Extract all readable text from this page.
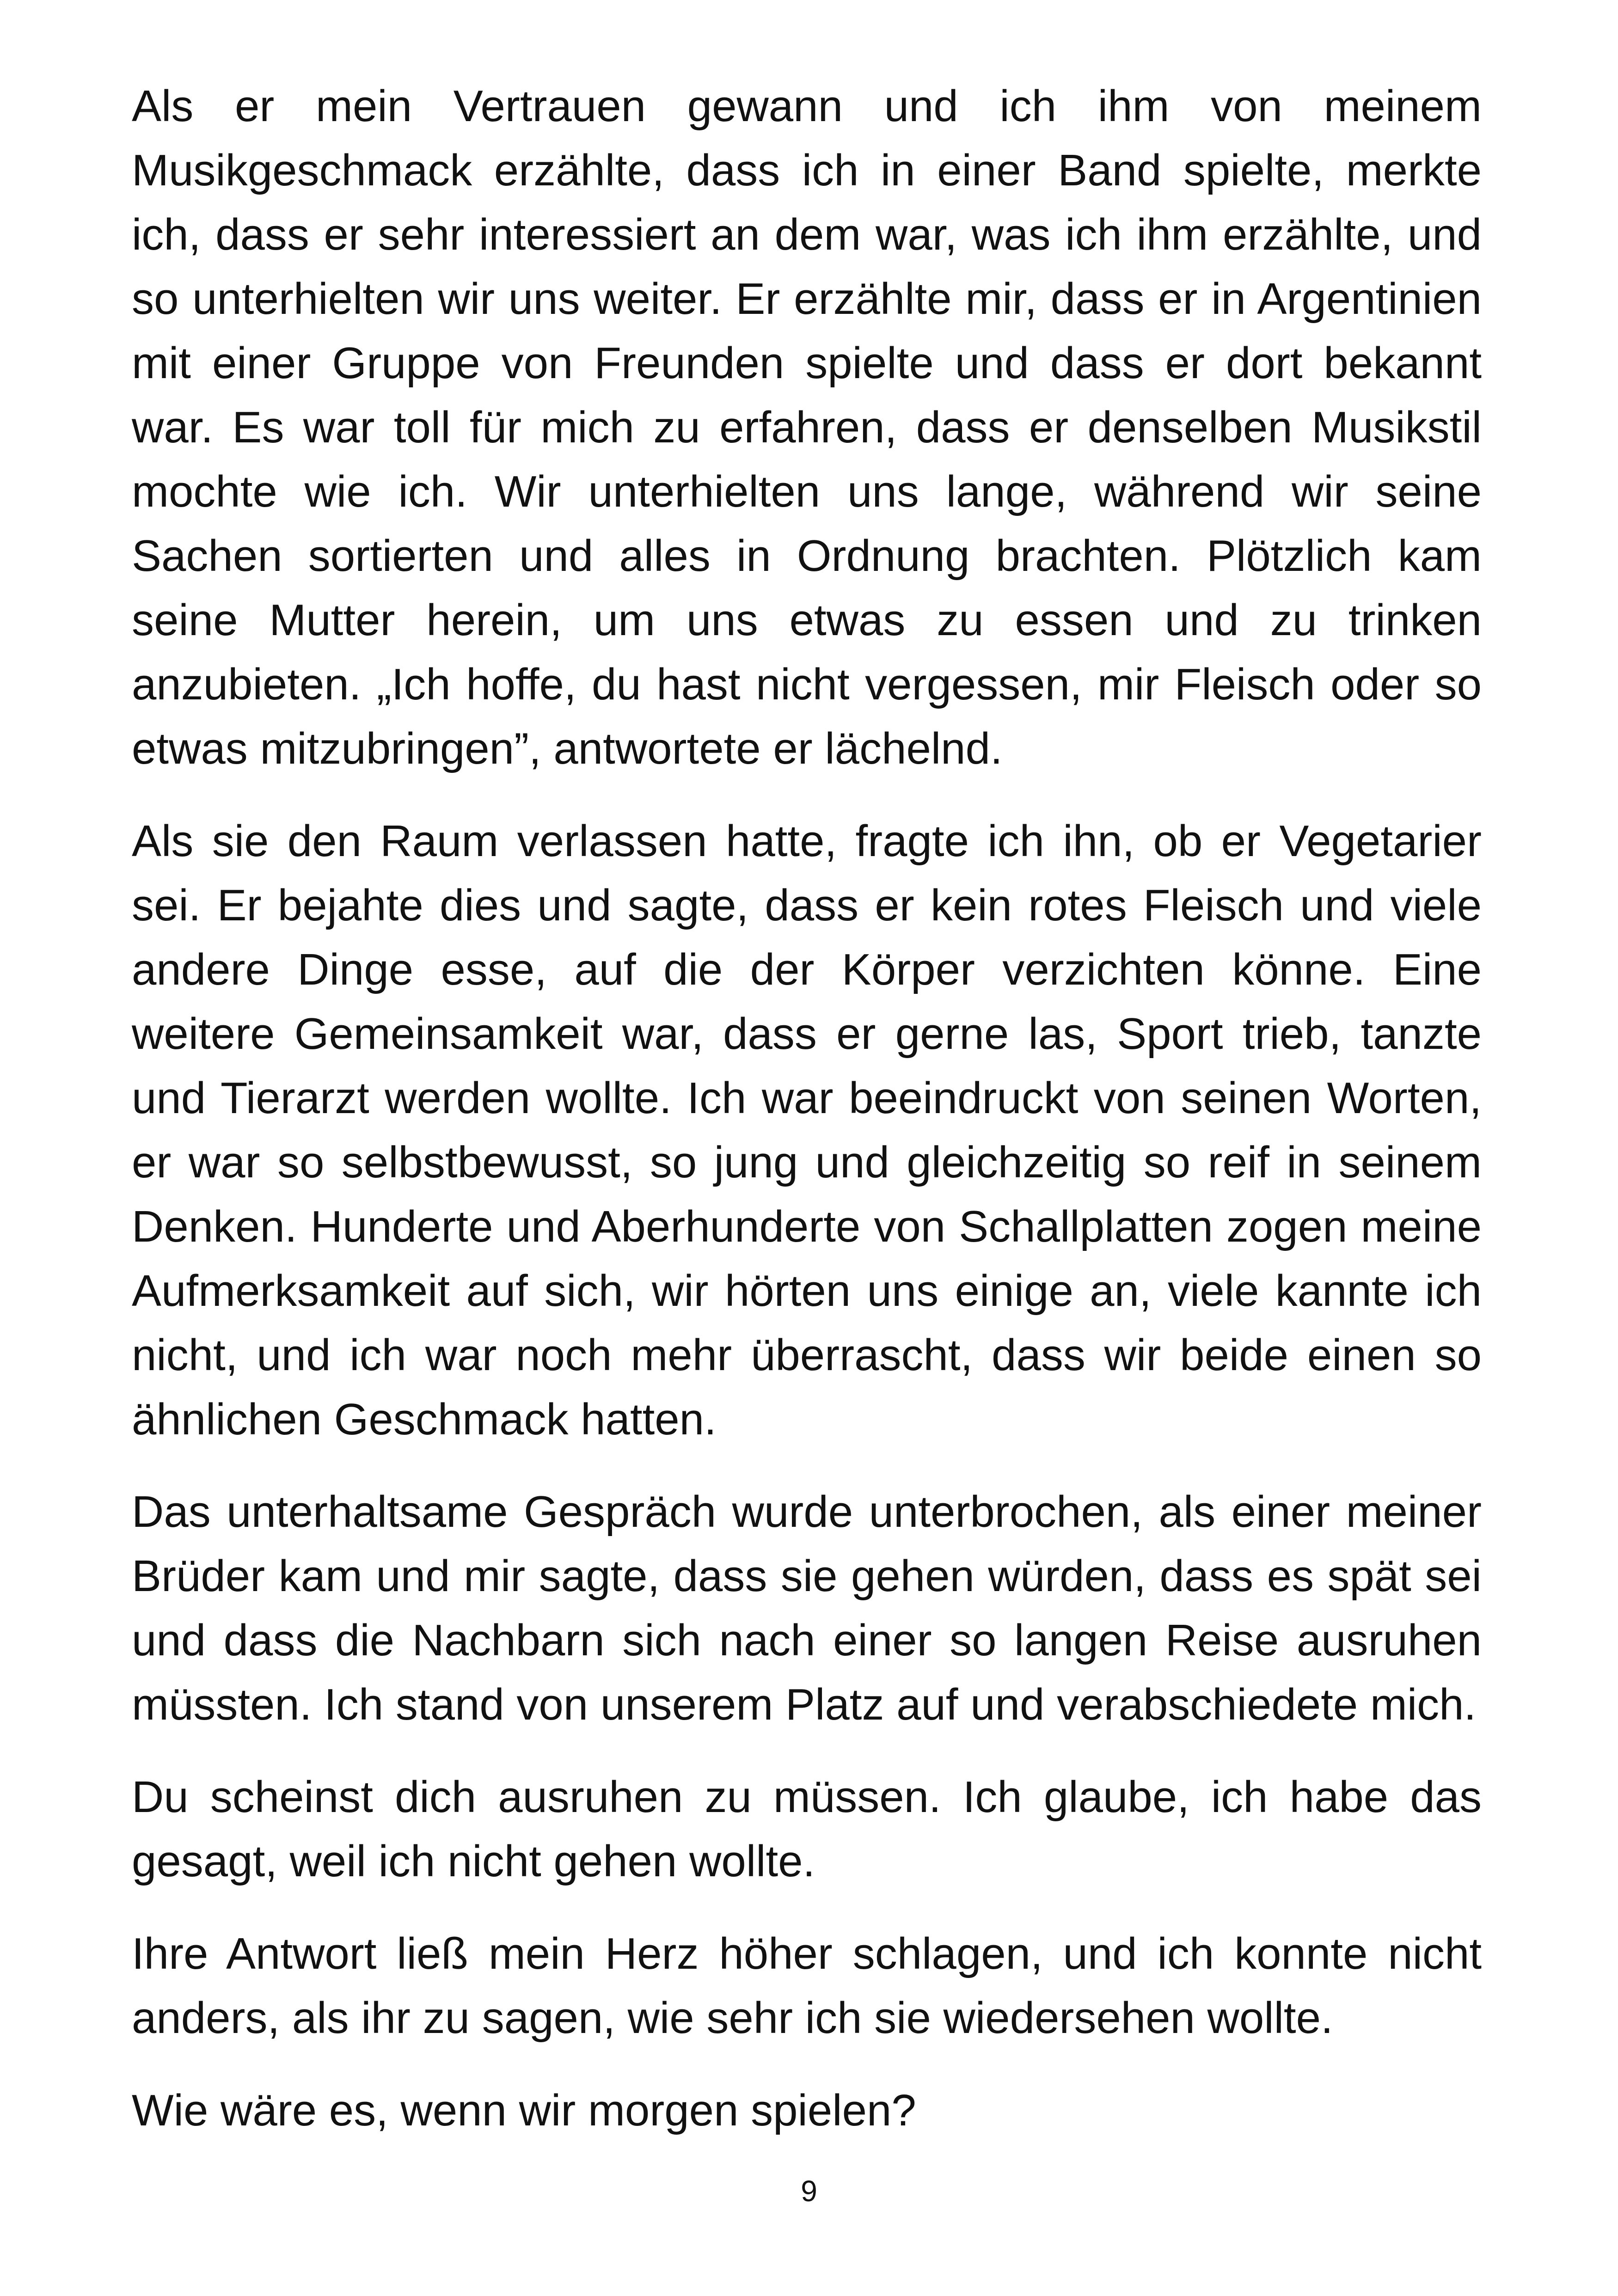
Als er mein Vertrauen gewann und ich ihm von meinem Musikgeschmack erzählte, dass ich in einer Band spielte, merkte ich, dass er sehr interessiert an dem war, was ich ihm erzählte, und so unterhielten wir uns weiter. Er erzählte mir, dass er in Argentinien mit einer Gruppe von Freunden spielte und dass er dort bekannt war. Es war toll für mich zu erfahren, dass er denselben Musikstil mochte wie ich. Wir unterhielten uns lange, während wir seine Sachen sortierten und alles in Ordnung brachten. Plötzlich kam seine Mutter herein, um uns etwas zu essen und zu trinken anzubieten. „Ich hoffe, du hast nicht vergessen, mir Fleisch oder so etwas mitzubringen”, antwortete er lächelnd.

Als sie den Raum verlassen hatte, fragte ich ihn, ob er Vegetarier sei. Er bejahte dies und sagte, dass er kein rotes Fleisch und viele andere Dinge esse, auf die der Körper verzichten könne. Eine weitere Gemeinsamkeit war, dass er gerne las, Sport trieb, tanzte und Tierarzt werden wollte. Ich war beeindruckt von seinen Worten, er war so selbstbewusst, so jung und gleichzeitig so reif in seinem Denken. Hunderte und Aberhunderte von Schallplatten zogen meine Aufmerksamkeit auf sich, wir hörten uns einige an, viele kannte ich nicht, und ich war noch mehr überrascht, dass wir beide einen so ähnlichen Geschmack hatten.

Das unterhaltsame Gespräch wurde unterbrochen, als einer meiner Brüder kam und mir sagte, dass sie gehen würden, dass es spät sei und dass die Nachbarn sich nach einer so langen Reise ausruhen müssten. Ich stand von unserem Platz auf und verabschiedete mich.

Du scheinst dich ausruhen zu müssen. Ich glaube, ich habe das gesagt, weil ich nicht gehen wollte.

Ihre Antwort ließ mein Herz höher schlagen, und ich konnte nicht anders, als ihr zu sagen, wie sehr ich sie wiedersehen wollte.

Wie wäre es, wenn wir morgen spielen?

9
